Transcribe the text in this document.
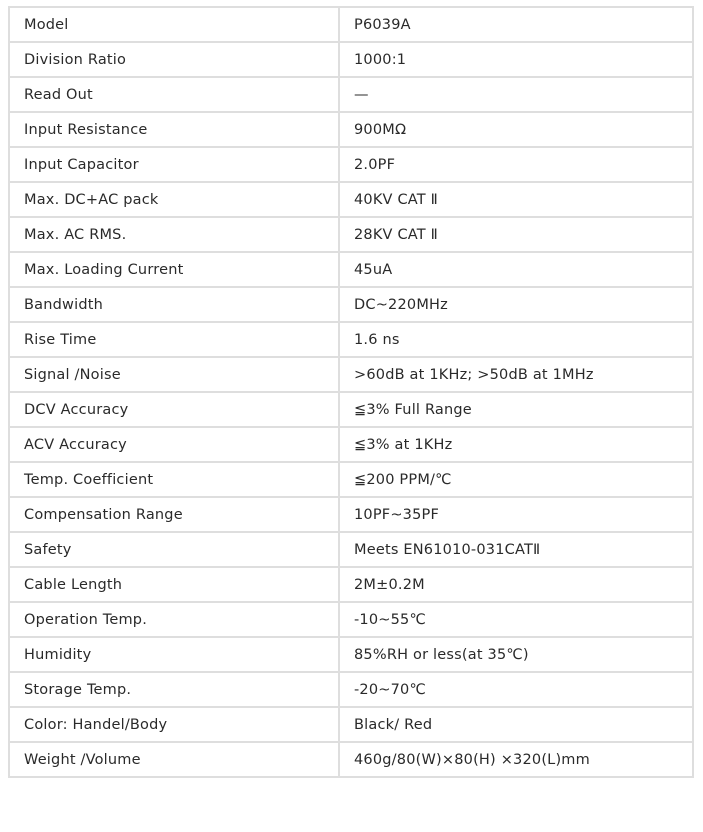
Model	P6039A
Division Ratio	1000:1
Read Out	—
Input Resistance	900MΩ
Input Capacitor	2.0PF
Max. DC+AC pack	40KV CAT Ⅱ
Max. AC RMS.	28KV CAT Ⅱ
Max. Loading Current	45uA
Bandwidth	DC~220MHz
Rise Time	1.6 ns
Signal /Noise	>60dB at 1KHz; >50dB at 1MHz
DCV Accuracy	≦3% Full Range
ACV Accuracy	≦3% at 1KHz
Temp. Coefficient	≦200 PPM/℃
Compensation Range	10PF~35PF
Safety	Meets EN61010-031CATⅡ
Cable Length	2M±0.2M
Operation Temp.	-10~55℃
Humidity	85%RH or less(at 35℃)
Storage Temp.	-20~70℃
Color: Handel/Body	Black/ Red
Weight /Volume	460g/80(W)×80(H) ×320(L)mm
